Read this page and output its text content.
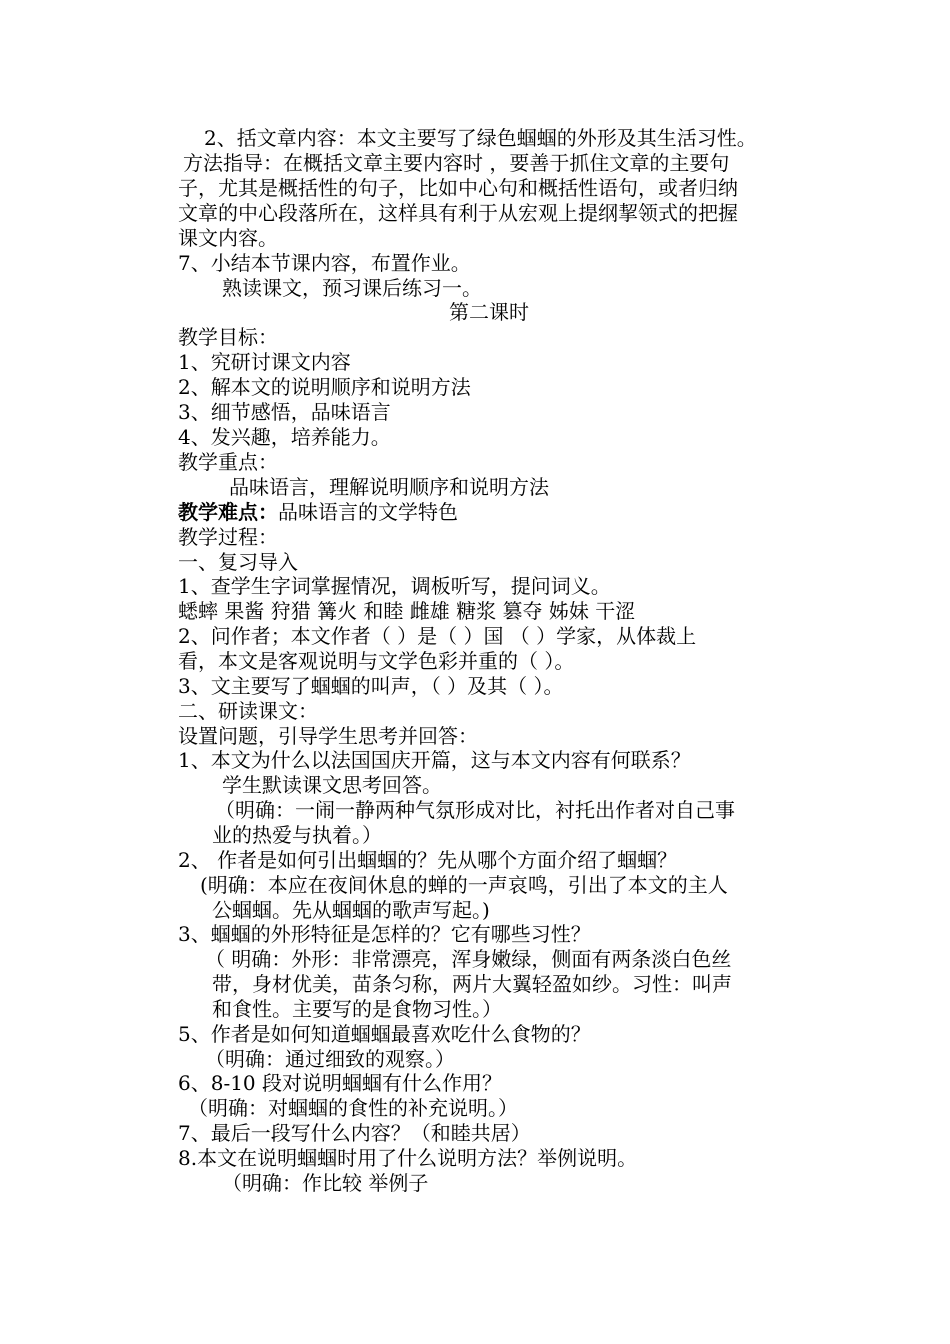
2、括文章内容：本文主要写了绿色蝈蝈的外形及其生活习性。
方法指导：在概括文章主要内容时 ，要善于抓住文章的主要句
子，尤其是概括性的句子，比如中心句和概括性语句，或者归纳
文章的中心段落所在，这样具有利于从宏观上提纲挈领式的把握
课文内容。
7、小结本节课内容，布置作业。
熟读课文，预习课后练习一。
第二课时
教学目标：
1、究研讨课文内容
2、解本文的说明顺序和说明方法
3、细节感悟，品味语言
4、发兴趣，培养能力。
教学重点：
品味语言，理解说明顺序和说明方法
教学难点：品味语言的文学特色
教学过程：
一、复习导入
1、查学生字词掌握情况，调板听写，提问词义。
蟋蟀 果酱 狩猎 篝火 和睦 雌雄 糖浆 篡夺 姊妹 干涩
2、问作者；本文作者（ ）是（ ）国 （ ）学家，从体裁上
看，本文是客观说明与文学色彩并重的（ ）。
3、文主要写了蝈蝈的叫声，（ ）及其（ ）。
二、研读课文：
设置问题，引导学生思考并回答：
1、本文为什么以法国国庆开篇，这与本文内容有何联系？
学生默读课文思考回答。
（明确：一闹一静两种气氛形成对比，衬托出作者对自己事
业的热爱与执着。）
2、 作者是如何引出蝈蝈的？先从哪个方面介绍了蝈蝈？
(明确：本应在夜间休息的蝉的一声哀鸣，引出了本文的主人
公蝈蝈。先从蝈蝈的歌声写起。)
3、蝈蝈的外形特征是怎样的？它有哪些习性？
（ 明确：外形：非常漂亮，浑身嫩绿，侧面有两条淡白色丝
带，身材优美，苗条匀称，两片大翼轻盈如纱。习性：叫声
和食性。主要写的是食物习性。）
5、作者是如何知道蝈蝈最喜欢吃什么食物的？
（明确：通过细致的观察。）
6、8-10 段对说明蝈蝈有什么作用？
（明确：对蝈蝈的食性的补充说明。）
7、最后一段写什么内容？（和睦共居）
8.本文在说明蝈蝈时用了什么说明方法？举例说明。
（明确：作比较 举例子
